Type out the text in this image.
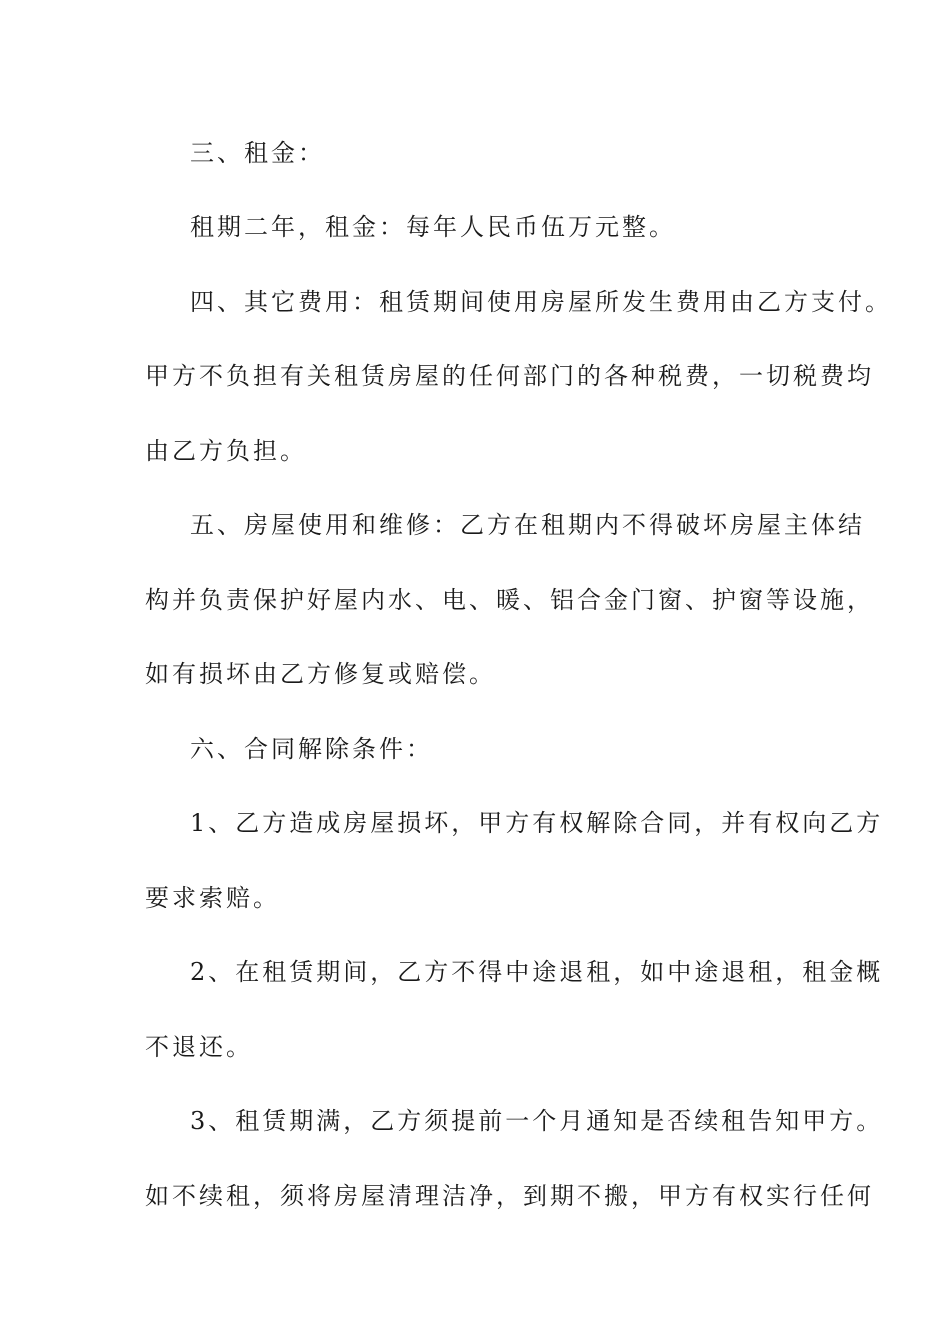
三、租金：
租期二年，租金：每年人民币伍万元整。
四、其它费用：租赁期间使用房屋所发生费用由乙方支付。
甲方不负担有关租赁房屋的任何部门的各种税费，一切税费均
由乙方负担。
五、房屋使用和维修：乙方在租期内不得破坏房屋主体结
构并负责保护好屋内水、电、暖、铝合金门窗、护窗等设施，
如有损坏由乙方修复或赔偿。
六、合同解除条件：
1、乙方造成房屋损坏，甲方有权解除合同，并有权向乙方
要求索赔。
2、在租赁期间，乙方不得中途退租，如中途退租，租金概
不退还。
3、租赁期满，乙方须提前一个月通知是否续租告知甲方。
如不续租，须将房屋清理洁净，到期不搬，甲方有权实行任何
